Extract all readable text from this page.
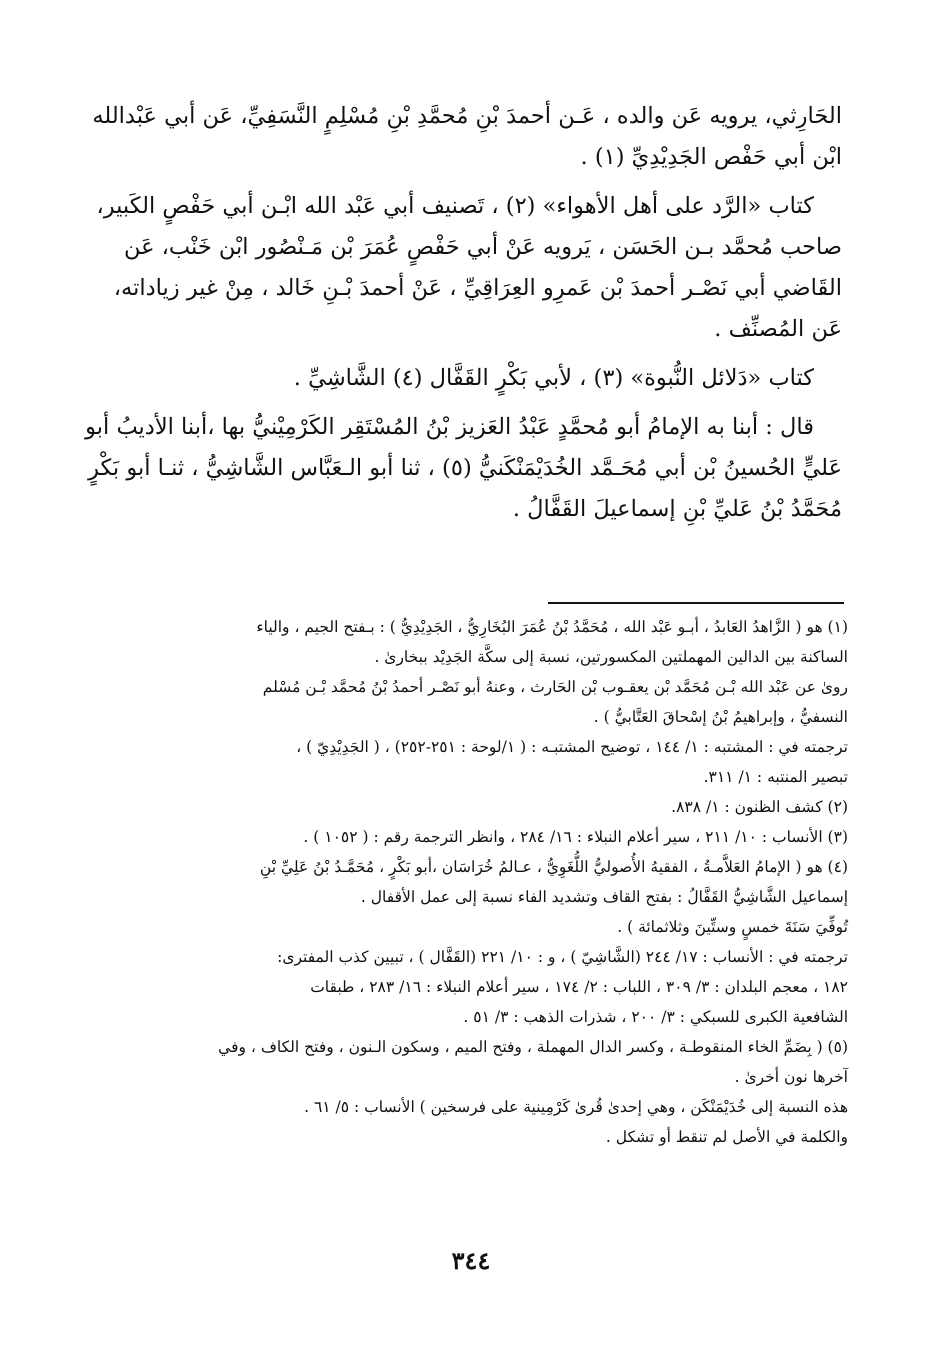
الحَارِثي، يرويه عَن والده ، عَـن أحمدَ بْنِ مُحمَّدِ بْنِ مُسْلِمٍ النَّسَفِيِّ، عَن أبي عَبْدالله
ابْن أبي حَفْص الجَدِيْدِيِّ (١) .

كتاب «الرَّد على أهل الأهواء» (٢) ، تَصنيف أبي عَبْد الله ابْـن أبي حَفْصٍ الكَبير،

صاحب مُحمَّد بـن الحَسَن ، يَرويه عَنْ أبي حَفْصٍ عُمَرَ بْن مَـنْصُور ابْن خَنْب، عَن
القَاضي أبي نَصْـر أحمدَ بْن عَمرِو العِرَاقِيِّ ، عَنْ أحمدَ بْـنِ خَالد ، مِنْ غير زياداته،
عَن المُصنِّف .

كتاب «دَلائل النُّبوة» (٣) ، لأبي بَكْرٍ القَفَّال (٤) الشَّاشِيِّ .

قال : أبنا به الإمامُ أبو مُحمَّدٍ عَبْدُ العَزيز بْنُ المُسْتَقِر الكَرْمِيْنيُّ بها ،أبنا الأديبُ أبو

عَليٍّ الحُسينُ بْن أبي مُحَـمَّد الخُدَيْمَنْكَنيُّ (٥) ، ثنا أبو الـعَبَّاس الشَّاشِيُّ ، ثنـا أبو بَكْرٍ
مُحَمَّدُ بْنُ عَليِّ بْنِ إسماعيلَ القَفَّالُ .

(١) هو ( الزَّاهدُ العَابدُ ، أبـو عَبْد الله ، مُحَمَّدُ بْنُ عُمَرَ البُخَارِيُّ ، الجَدِيْدِيُّ ) : بـفتح الجيم ، والياء
الساكنة بين الدالين المهملتين المكسورتين، نسبة إلى سكَّة الجَدِيْد ببخارىٰ .

روىٰ عن عَبْد الله بْـن مُحَمَّد بْن يعقـوب بْن الحَارث ، وعنهُ أبو نَصْـر أحمدُ بْنُ مُحمَّد بْـن مُسْلم
النسفيُّ ، وإبراهيمُ بْنُ إسْحاقَ العَتَّابيُّ ) .

ترجمته في : المشتبه : ١/ ١٤٤ ، توضيح المشتبـه : ( ١/لوحة : ٢٥١-٢٥٢) ، ( الجَدِيْدِيّ ) ،
تبصير المنتبه : ١/ ٣١١.

(٢) كشف الظنون : ١/ ٨٣٨.

(٣) الأنساب : ١٠/ ٢١١ ، سير أعلام النبلاء : ١٦/ ٢٨٤ ، وانظر الترجمة رقم : ( ١٠٥٢ ) .

(٤) هو ( الإمامُ العَلاَّمـةُ ، الفقيهُ الأُصوليُّ اللُّغَوِيُّ ، عـالمُ خُرَاسَان ،أبو بَكْرٍ ، مُحَمَّـدُ بْنُ عَلِيِّ بْنِ
إسماعيل الشَّاشِيُّ القَفَّالُ : بفتح القاف وتشديد الفاء نسبة إلى عمل الأقفال .
تُوفِّيَ سَنَةَ خمسٍ وستِّينَ وثلاثمائة ) .

ترجمته في : الأنساب : ١٧/ ٢٤٤ (الشَّاشِيّ ) ، و : ١٠/ ٢٢١ (القَفَّال ) ، تبيين كذب المفترى:
١٨٢ ، معجم البلدان : ٣/ ٣٠٩ ، اللباب : ٢/ ١٧٤ ، سير أعلام النبلاء : ١٦/ ٢٨٣ ، طبقات
الشافعية الكبرى للسبكي : ٣/ ٢٠٠ ، شذرات الذهب : ٣/ ٥١ .

(٥) ( بِضَمِّ الخاء المنقوطـة ، وكسر الدال المهملة ، وفتح الميم ، وسكون الـنون ، وفتح الكاف ، وفي
آخرها نون أخرىٰ .

هذه النسبة إلى خُدَيْمَنْكَن ، وهي إحدىٰ قُرىٰ كَرْمِينية على فرسخين ) الأنساب : ٥/ ٦١ .
والكلمة في الأصل لم تنقط أو تشكل .

٣٤٤
